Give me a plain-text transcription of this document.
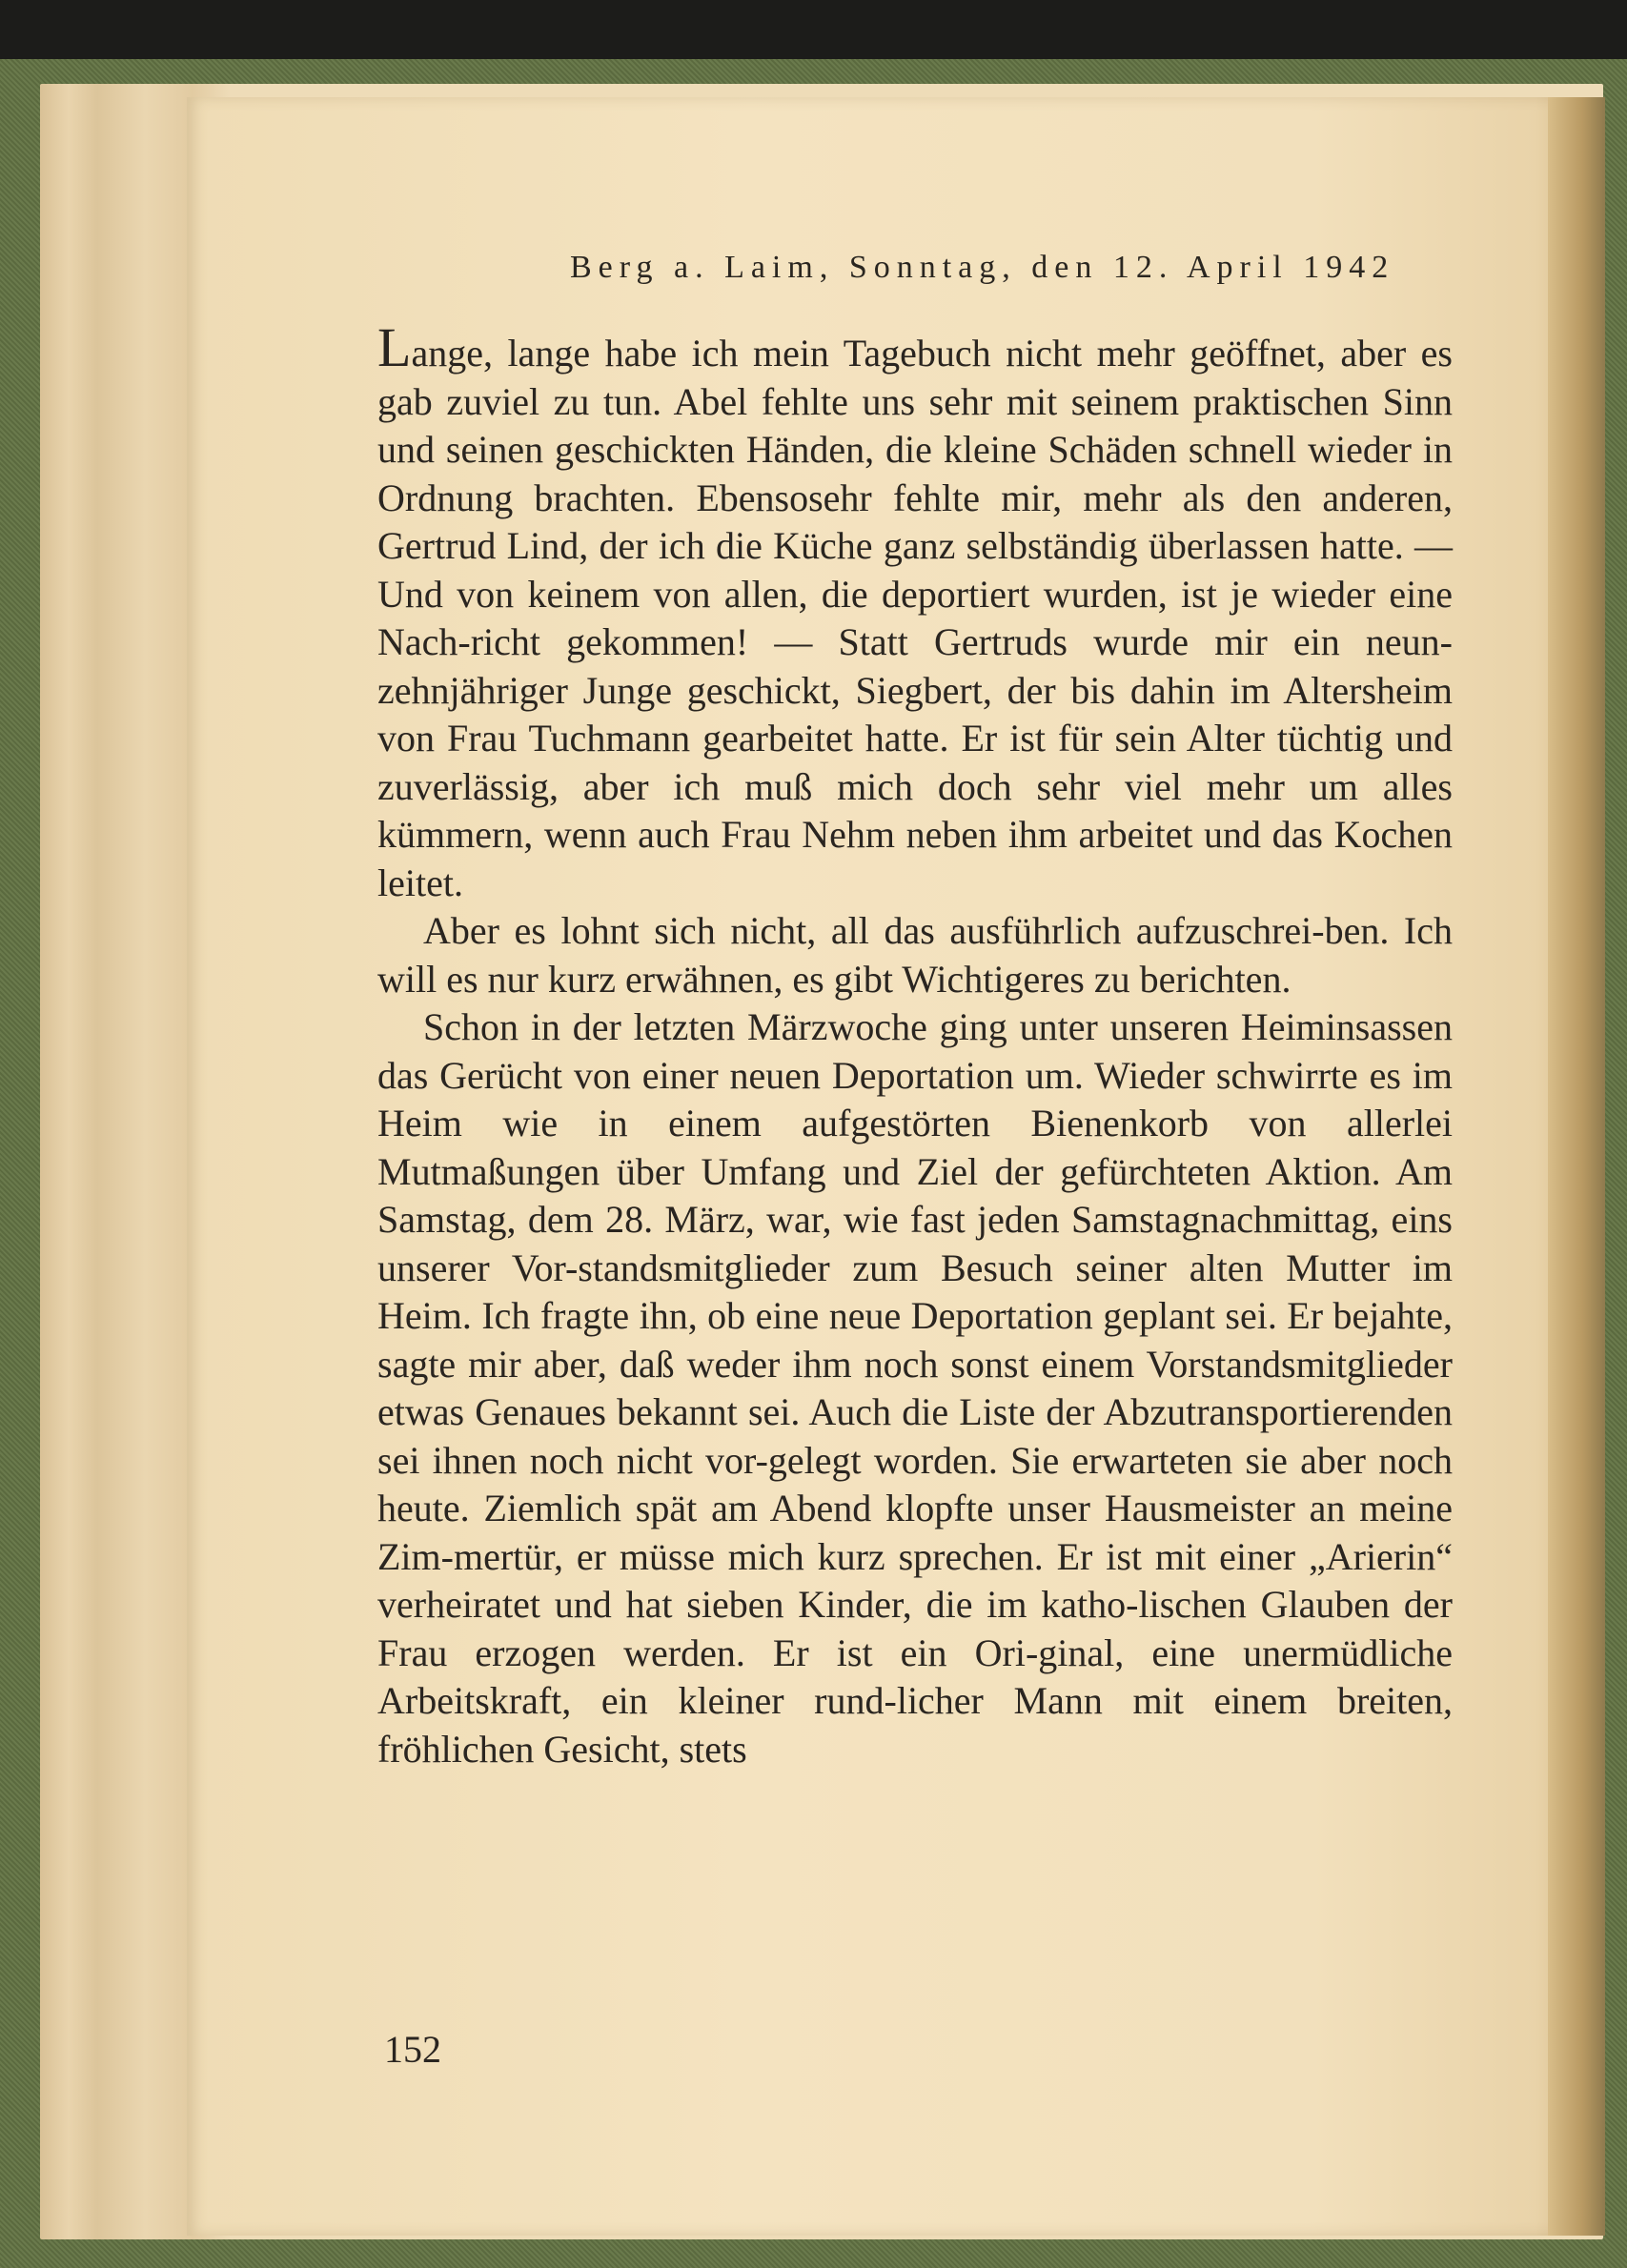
Berg a. Laim, Sonntag, den 12. April 1942

Lange, lange habe ich mein Tagebuch nicht mehr geöffnet, aber es gab zuviel zu tun. Abel fehlte uns sehr mit seinem praktischen Sinn und seinen geschickten Händen, die kleine Schäden schnell wieder in Ordnung brachten. Ebensosehr fehlte mir, mehr als den anderen, Gertrud Lind, der ich die Küche ganz selbständig überlassen hatte. — Und von keinem von allen, die deportiert wurden, ist je wieder eine Nach-richt gekommen! — Statt Gertruds wurde mir ein neun-zehnjähriger Junge geschickt, Siegbert, der bis dahin im Altersheim von Frau Tuchmann gearbeitet hatte. Er ist für sein Alter tüchtig und zuverlässig, aber ich muß mich doch sehr viel mehr um alles kümmern, wenn auch Frau Nehm neben ihm arbeitet und das Kochen leitet.

Aber es lohnt sich nicht, all das ausführlich aufzuschrei-ben. Ich will es nur kurz erwähnen, es gibt Wichtigeres zu berichten.

Schon in der letzten Märzwoche ging unter unseren Heiminsassen das Gerücht von einer neuen Deportation um. Wieder schwirrte es im Heim wie in einem aufgestörten Bienenkorb von allerlei Mutmaßungen über Umfang und Ziel der gefürchteten Aktion. Am Samstag, dem 28. März, war, wie fast jeden Samstagnachmittag, eins unserer Vor-standsmitglieder zum Besuch seiner alten Mutter im Heim. Ich fragte ihn, ob eine neue Deportation geplant sei. Er bejahte, sagte mir aber, daß weder ihm noch sonst einem Vorstandsmitglieder etwas Genaues bekannt sei. Auch die Liste der Abzutransportierenden sei ihnen noch nicht vor-gelegt worden. Sie erwarteten sie aber noch heute. Ziemlich spät am Abend klopfte unser Hausmeister an meine Zim-mertür, er müsse mich kurz sprechen. Er ist mit einer „Arierin“ verheiratet und hat sieben Kinder, die im katho-lischen Glauben der Frau erzogen werden. Er ist ein Ori-ginal, eine unermüdliche Arbeitskraft, ein kleiner rund-licher Mann mit einem breiten, fröhlichen Gesicht, stets

152
